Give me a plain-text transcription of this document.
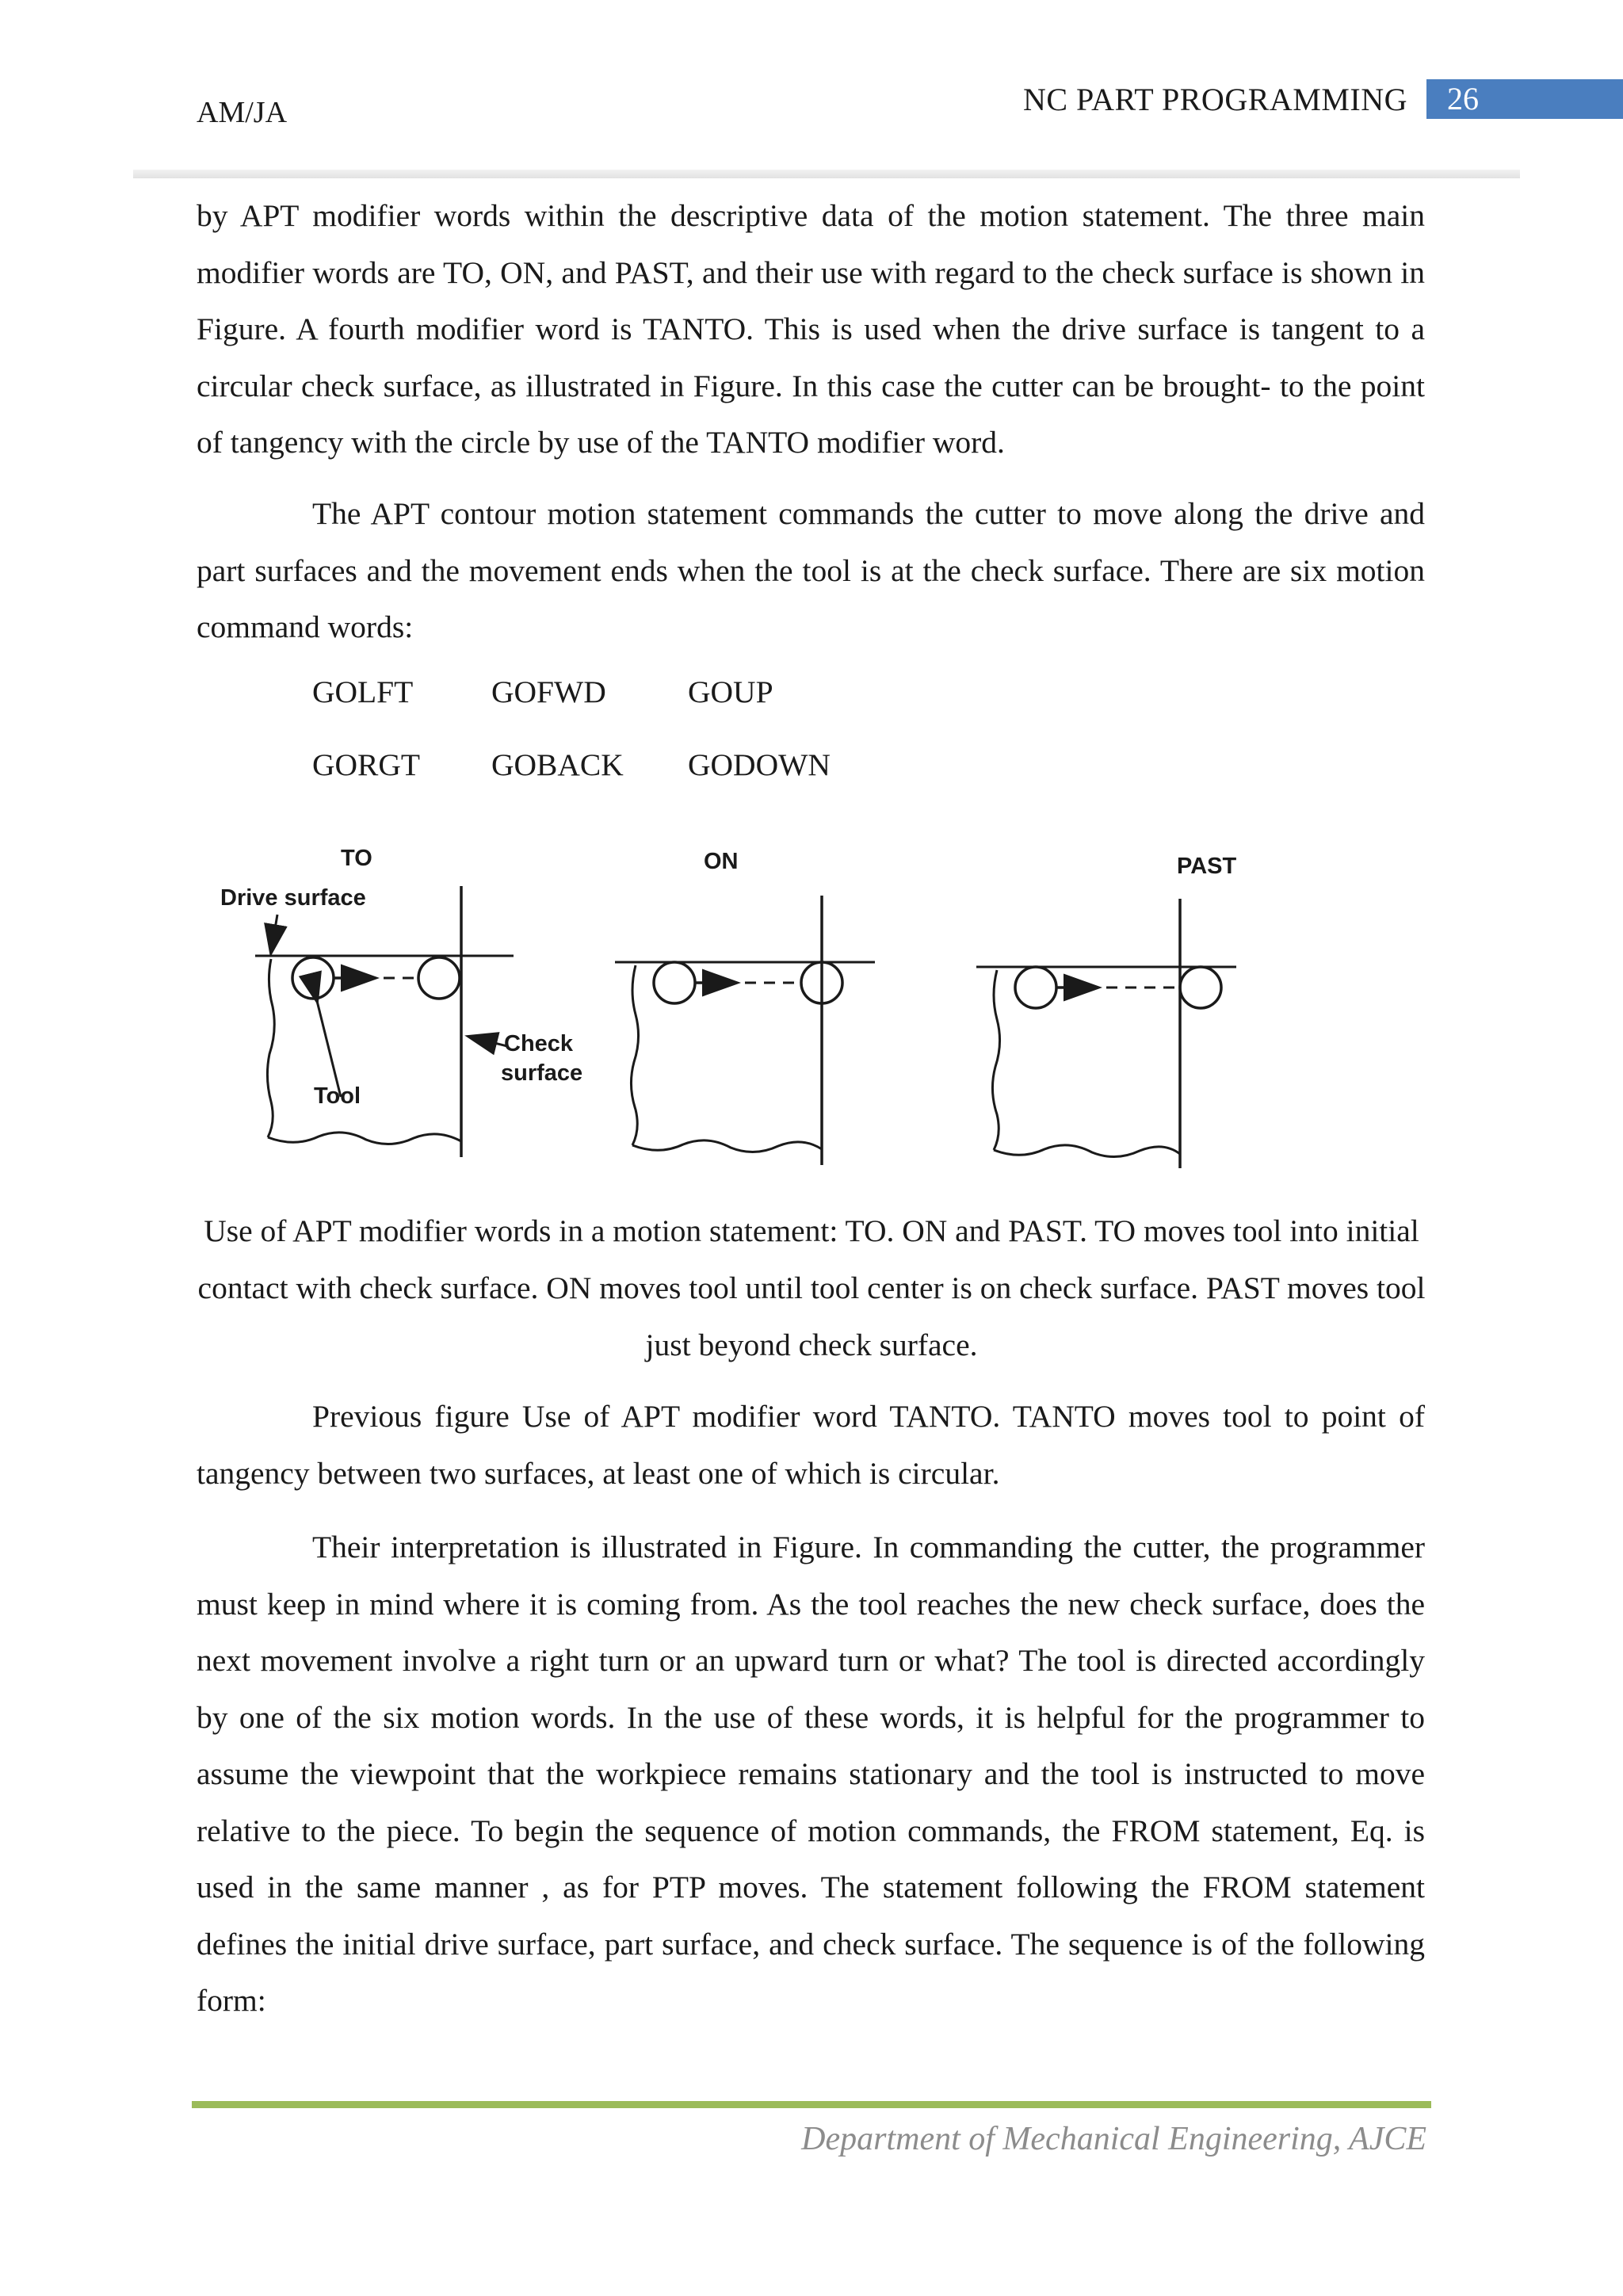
AM/JA	NC PART PROGRAMMING	26

by APT modifier words within the descriptive data of the motion statement. The three main modifier words are TO, ON, and PAST, and their use with regard to the check surface is shown in Figure. A fourth modifier word is TANTO. This is used when the drive surface is tangent to a circular check surface, as illustrated in Figure. In this case the cutter can be brought- to the point of tangency with the circle by use of the TANTO modifier word.

The APT contour motion statement commands the cutter to move along the drive and part surfaces and the movement ends when the tool is at the check surface. There are six motion command words:

GOLFT GOFWD	GOUP
GORGT GOBACK GODOWN
TO	ON	PAST
Drive surface
Tool
Check
surface

Use of APT modifier words in a motion statement: TO. ON and PAST. TO moves tool into initial contact with check surface. ON moves tool until tool center is on check surface. PAST moves tool just beyond check surface.

Previous figure Use of APT modifier word TANTO. TANTO moves tool to point of tangency between two surfaces, at least one of which is circular.

Their interpretation is illustrated in Figure. In commanding the cutter, the programmer must keep in mind where it is coming from. As the tool reaches the new check surface, does the next movement involve a right turn or an upward turn or what? The tool is directed accordingly by one of the six motion words. In the use of these words, it is helpful for the programmer to assume the viewpoint that the workpiece remains stationary and the tool is instructed to move relative to the piece. To begin the sequence of motion commands, the FROM statement, Eq. is used in the same manner , as for PTP moves. The statement following the FROM statement defines the initial drive surface, part surface, and check surface. The sequence is of the following form:

Department of Mechanical Engineering, AJCE
